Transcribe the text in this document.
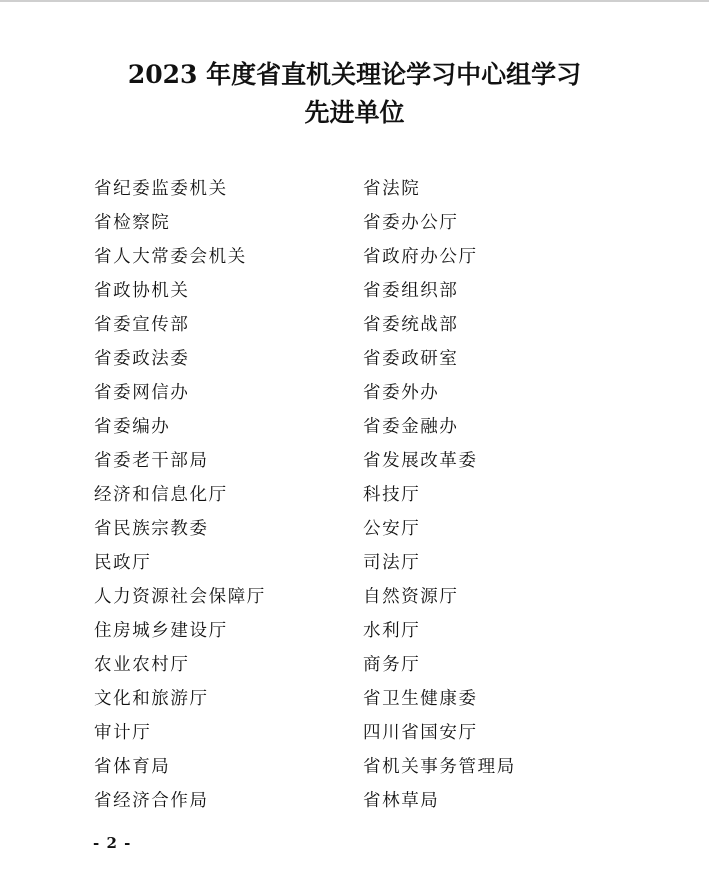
2023 年度省直机关理论学习中心组学习
先进单位
省纪委监委机关
省检察院
省人大常委会机关
省政协机关
省委宣传部
省委政法委
省委网信办
省委编办
省委老干部局
经济和信息化厅
省民族宗教委
民政厅
人力资源社会保障厅
住房城乡建设厅
农业农村厅
文化和旅游厅
审计厅
省体育局
省经济合作局
省法院
省委办公厅
省政府办公厅
省委组织部
省委统战部
省委政研室
省委外办
省委金融办
省发展改革委
科技厅
公安厅
司法厅
自然资源厅
水利厅
商务厅
省卫生健康委
四川省国安厅
省机关事务管理局
省林草局
- 2 -
